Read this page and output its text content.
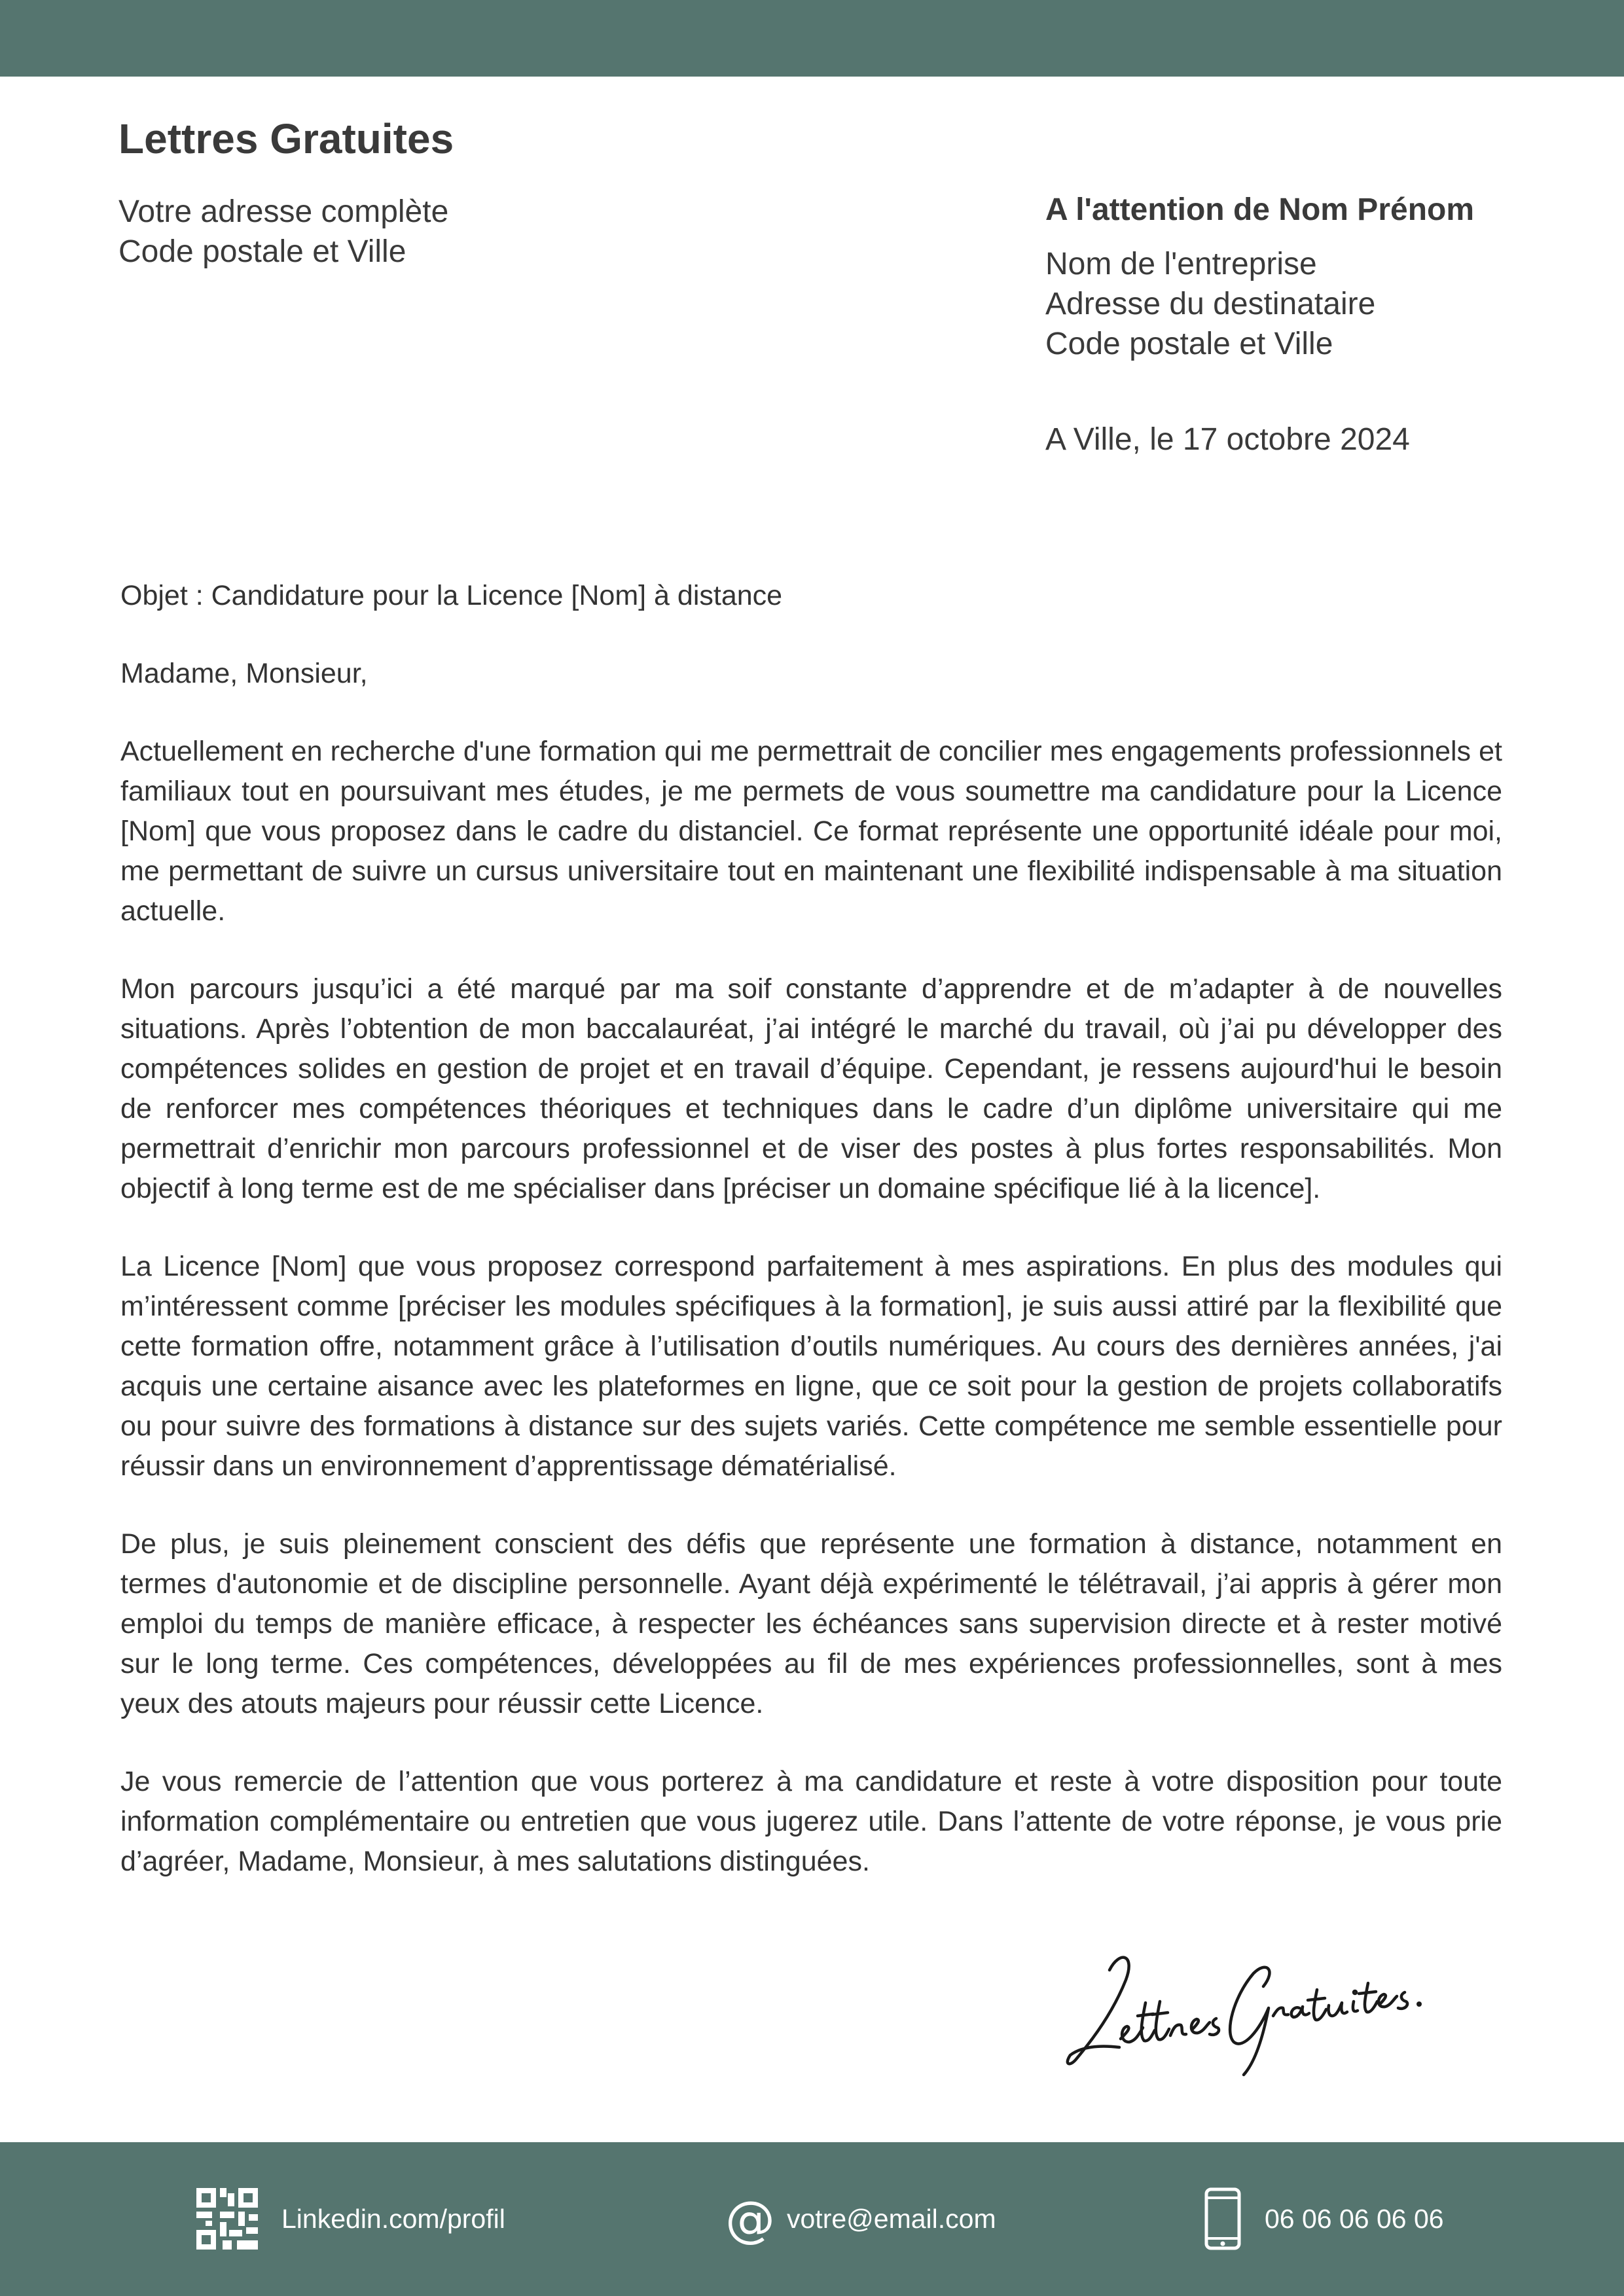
Lettres Gratuites
Votre adresse complète
Code postale et Ville
A l'attention de Nom Prénom
Nom de l'entreprise
Adresse du destinataire
Code postale et Ville
A Ville, le 17 octobre 2024

Objet : Candidature pour la Licence [Nom] à distance

Madame, Monsieur,

Actuellement en recherche d'une formation qui me permettrait de concilier mes engagements professionnels et familiaux tout en poursuivant mes études, je me permets de vous soumettre ma candidature pour la Licence [Nom] que vous proposez dans le cadre du distanciel. Ce format représente une opportunité idéale pour moi, me permettant de suivre un cursus universitaire tout en maintenant une flexibilité indispensable à ma situation actuelle.

Mon parcours jusqu’ici a été marqué par ma soif constante d’apprendre et de m’adapter à de nouvelles situations. Après l’obtention de mon baccalauréat, j’ai intégré le marché du travail, où j’ai pu développer des compétences solides en gestion de projet et en travail d’équipe. Cependant, je ressens aujourd'hui le besoin de renforcer mes compétences théoriques et techniques dans le cadre d’un diplôme universitaire qui me permettrait d’enrichir mon parcours professionnel et de viser des postes à plus fortes responsabilités. Mon objectif à long terme est de me spécialiser dans [préciser un domaine spécifique lié à la licence].

La Licence [Nom] que vous proposez correspond parfaitement à mes aspirations. En plus des modules qui m’intéressent comme [préciser les modules spécifiques à la formation], je suis aussi attiré par la flexibilité que cette formation offre, notamment grâce à l’utilisation d’outils numériques. Au cours des dernières années, j'ai acquis une certaine aisance avec les plateformes en ligne, que ce soit pour la gestion de projets collaboratifs ou pour suivre des formations à distance sur des sujets variés. Cette compétence me semble essentielle pour réussir dans un environnement d’apprentissage dématérialisé.

De plus, je suis pleinement conscient des défis que représente une formation à distance, notamment en termes d'autonomie et de discipline personnelle. Ayant déjà expérimenté le télétravail, j’ai appris à gérer mon emploi du temps de manière efficace, à respecter les échéances sans supervision directe et à rester motivé sur le long terme. Ces compétences, développées au fil de mes expériences professionnelles, sont à mes yeux des atouts majeurs pour réussir cette Licence.

Je vous remercie de l’attention que vous porterez à ma candidature et reste à votre disposition pour toute information complémentaire ou entretien que vous jugerez utile. Dans l’attente de votre réponse, je vous prie d’agréer, Madame, Monsieur, à mes salutations distinguées.

Linkedin.com/profil	@ votre@email.com	06 06 06 06 06
